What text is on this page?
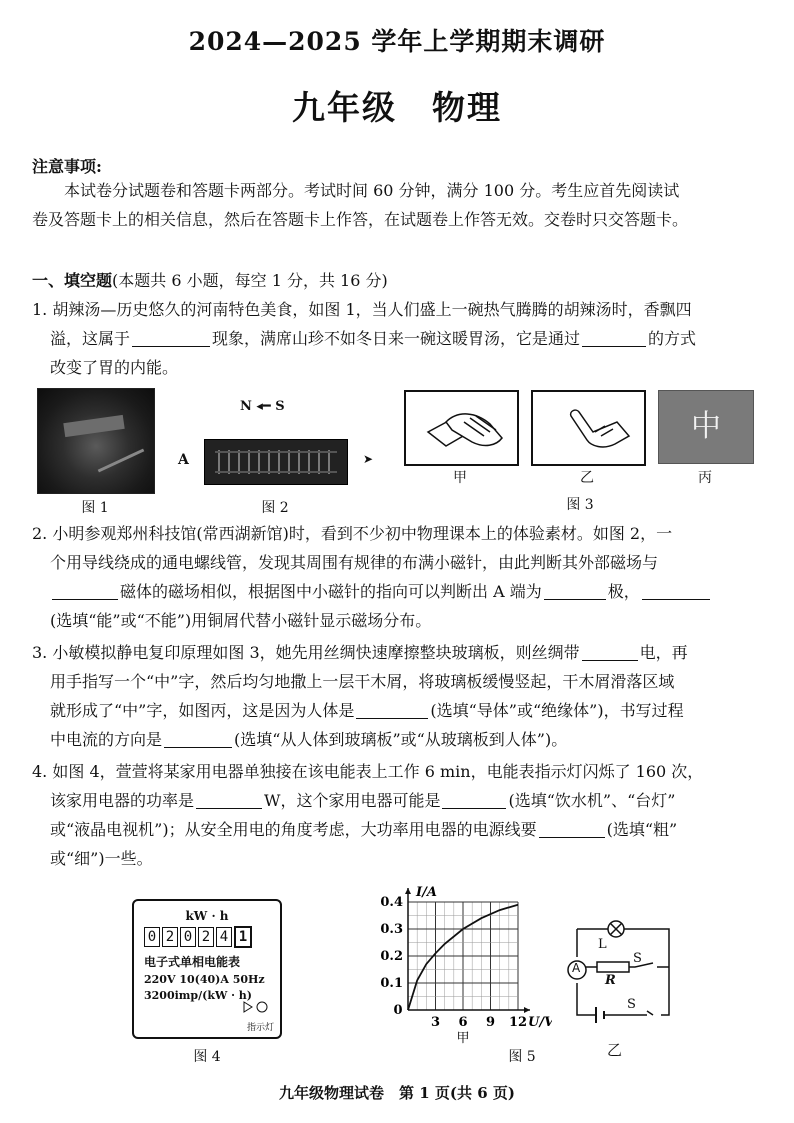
2024—2025 学年上学期期末调研
九年级　物理
注意事项:
本试卷分试题卷和答题卡两部分。考试时间 60 分钟，满分 100 分。考生应首先阅读试
卷及答题卡上的相关信息，然后在答题卡上作答，在试题卷上作答无效。交卷时只交答题卡。
一、填空题(本题共 6 小题，每空 1 分，共 16 分)
1. 胡辣汤—历史悠久的河南特色美食，如图 1，当人们盛上一碗热气腾腾的胡辣汤时，香飘四
溢，这属于	现象，满席山珍不如冬日来一碗这暖胃汤，它是通过	的方式
改变了胃的内能。
图 1
N ◂━ S
A	➤
图 2
中
甲	乙	丙
图 3
2. 小明参观郑州科技馆(常西湖新馆)时，看到不少初中物理课本上的体验素材。如图 2，一
个用导线绕成的通电螺线管，发现其周围有规律的布满小磁针，由此判断其外部磁场与
磁体的磁场相似，根据图中小磁针的指向可以判断出 A 端为	极，
(选填“能”或“不能”)用铜屑代替小磁针显示磁场分布。
3. 小敏模拟静电复印原理如图 3，她先用丝绸快速摩擦整块玻璃板，则丝绸带	电，再
用手指写一个“中”字，然后均匀地撒上一层干木屑，将玻璃板缓慢竖起，干木屑滑落区域
就形成了“中”字，如图丙，这是因为人体是	(选填“导体”或“绝缘体”)，书写过程
中电流的方向是	(选填“从人体到玻璃板”或“从玻璃板到人体”)。
4. 如图 4，萱萱将某家用电器单独接在该电能表上工作 6 min，电能表指示灯闪烁了 160 次，
该家用电器的功率是	W，这个家用电器可能是	(选填“饮水机”、“台灯”
或“液晶电视机”)；从安全用电的角度考虑，大功率用电器的电源线要	(选填“粗”
或“细”)一些。
kW · h
0 2 0 2 4 1
电子式单相电能表
220V 10(40)A 50Hz
3200imp/(kW · h)
指示灯
图 4
0
3 6 9 12
0.1
0.2
0.3
0.4
I/A
U/V
甲
图 5
L
R
S
S
A
乙
九年级物理试卷　第 1 页(共 6 页)
